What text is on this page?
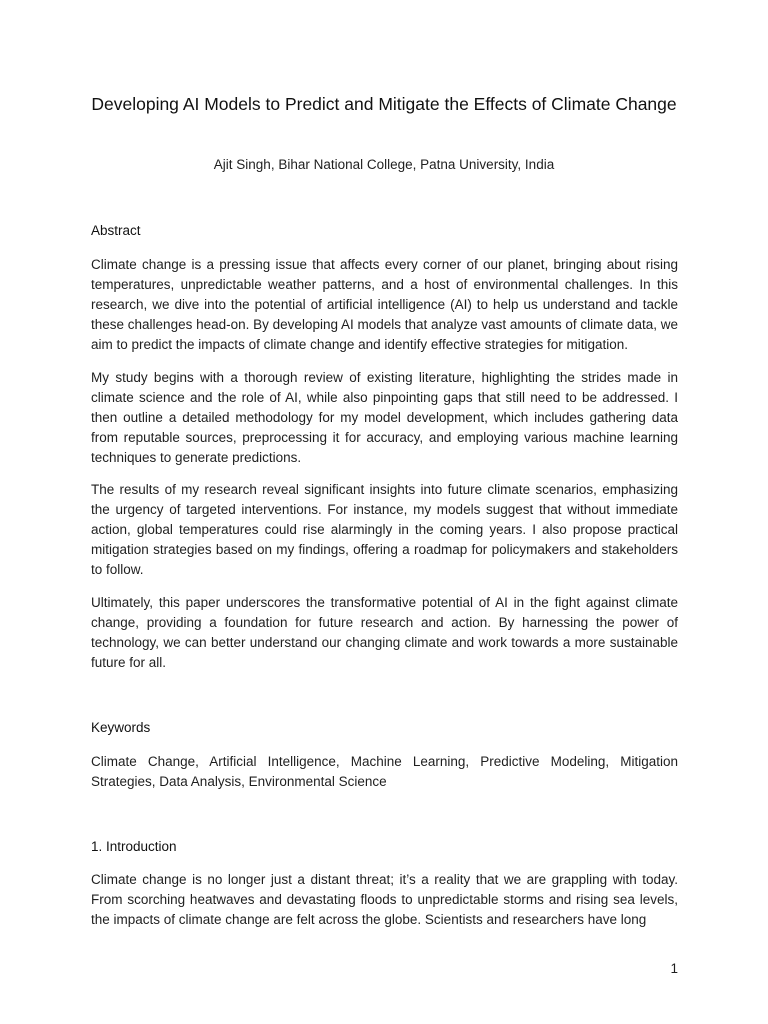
Developing AI Models to Predict and Mitigate the Effects of Climate Change
Ajit Singh, Bihar National College, Patna University, India
Abstract

Climate change is a pressing issue that affects every corner of our planet, bringing about rising temperatures, unpredictable weather patterns, and a host of environmental challenges. In this research, we dive into the potential of artificial intelligence (AI) to help us understand and tackle these challenges head-on. By developing AI models that analyze vast amounts of climate data, we aim to predict the impacts of climate change and identify effective strategies for mitigation.

My study begins with a thorough review of existing literature, highlighting the strides made in climate science and the role of AI, while also pinpointing gaps that still need to be addressed. I then outline a detailed methodology for my model development, which includes gathering data from reputable sources, preprocessing it for accuracy, and employing various machine learning techniques to generate predictions.

The results of my research reveal significant insights into future climate scenarios, emphasizing the urgency of targeted interventions. For instance, my models suggest that without immediate action, global temperatures could rise alarmingly in the coming years. I also propose practical mitigation strategies based on my findings, offering a roadmap for policymakers and stakeholders to follow.

Ultimately, this paper underscores the transformative potential of AI in the fight against climate change, providing a foundation for future research and action. By harnessing the power of technology, we can better understand our changing climate and work towards a more sustainable future for all.

Keywords

Climate Change, Artificial Intelligence, Machine Learning, Predictive Modeling, Mitigation Strategies, Data Analysis, Environmental Science

1. Introduction

Climate change is no longer just a distant threat; it’s a reality that we are grappling with today. From scorching heatwaves and devastating floods to unpredictable storms and rising sea levels, the impacts of climate change are felt across the globe. Scientists and researchers have long

1
